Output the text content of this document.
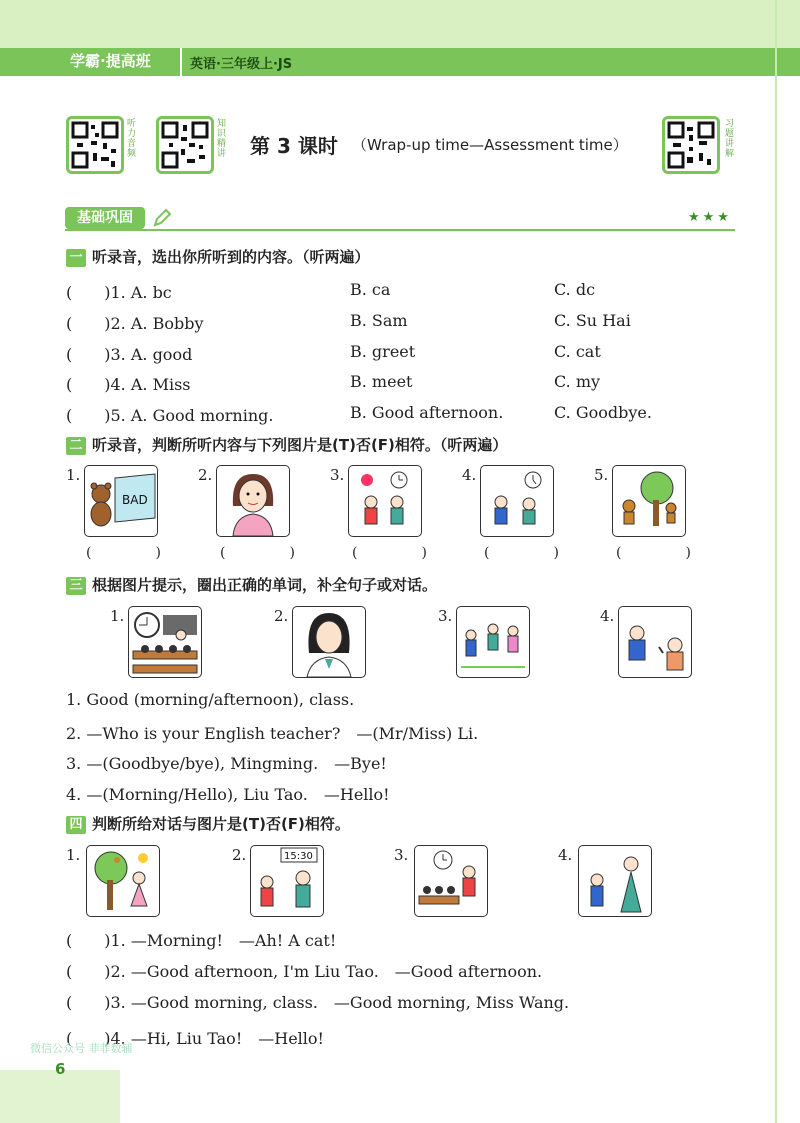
学霸·提高班	英语·三年级上·JS
听力音频	知识精讲 第 3 课时 （Wrap-up time—Assessment time）	习题讲解
基础巩固	★★★
一 听录音，选出你所听到的内容。（听两遍）
(　　)1. A. bc	B. ca	C. dc
(　　)2. A. Bobby	B. Sam	C. Su Hai
(　　)3. A. good	B. greet	C. cat
(　　)4. A. Miss	B. meet	C. my
(　　)5. A. Good morning.	B. Good afternoon.	C. Goodbye.
二 听录音，判断所听内容与下列图片是(T)否(F)相符。（听两遍）
1.
BAD
(　　)
2.
(　　)
3.
(　　)
4.
(　　)
5.
(　　)
三 根据图片提示，圈出正确的单词，补全句子或对话。
1.	2.	3.	4.
1. Good (morning/afternoon), class.
2. —Who is your English teacher?　—(Mr/Miss) Li.
3. —(Goodbye/bye), Mingming.　—Bye!
4. —(Morning/Hello), Liu Tao.　—Hello!
四 判断所给对话与图片是(T)否(F)相符。
1.	2.	15:30	3.	4.
(　　)1. —Morning!　—Ah! A cat!
(　　)2. —Good afternoon, I'm Liu Tao.　—Good afternoon.
(　　)3. —Good morning, class.　—Good morning, Miss Wang.
(　　)4. —Hi, Liu Tao!　—Hello!
微信公众号 菲菲数辅
6
